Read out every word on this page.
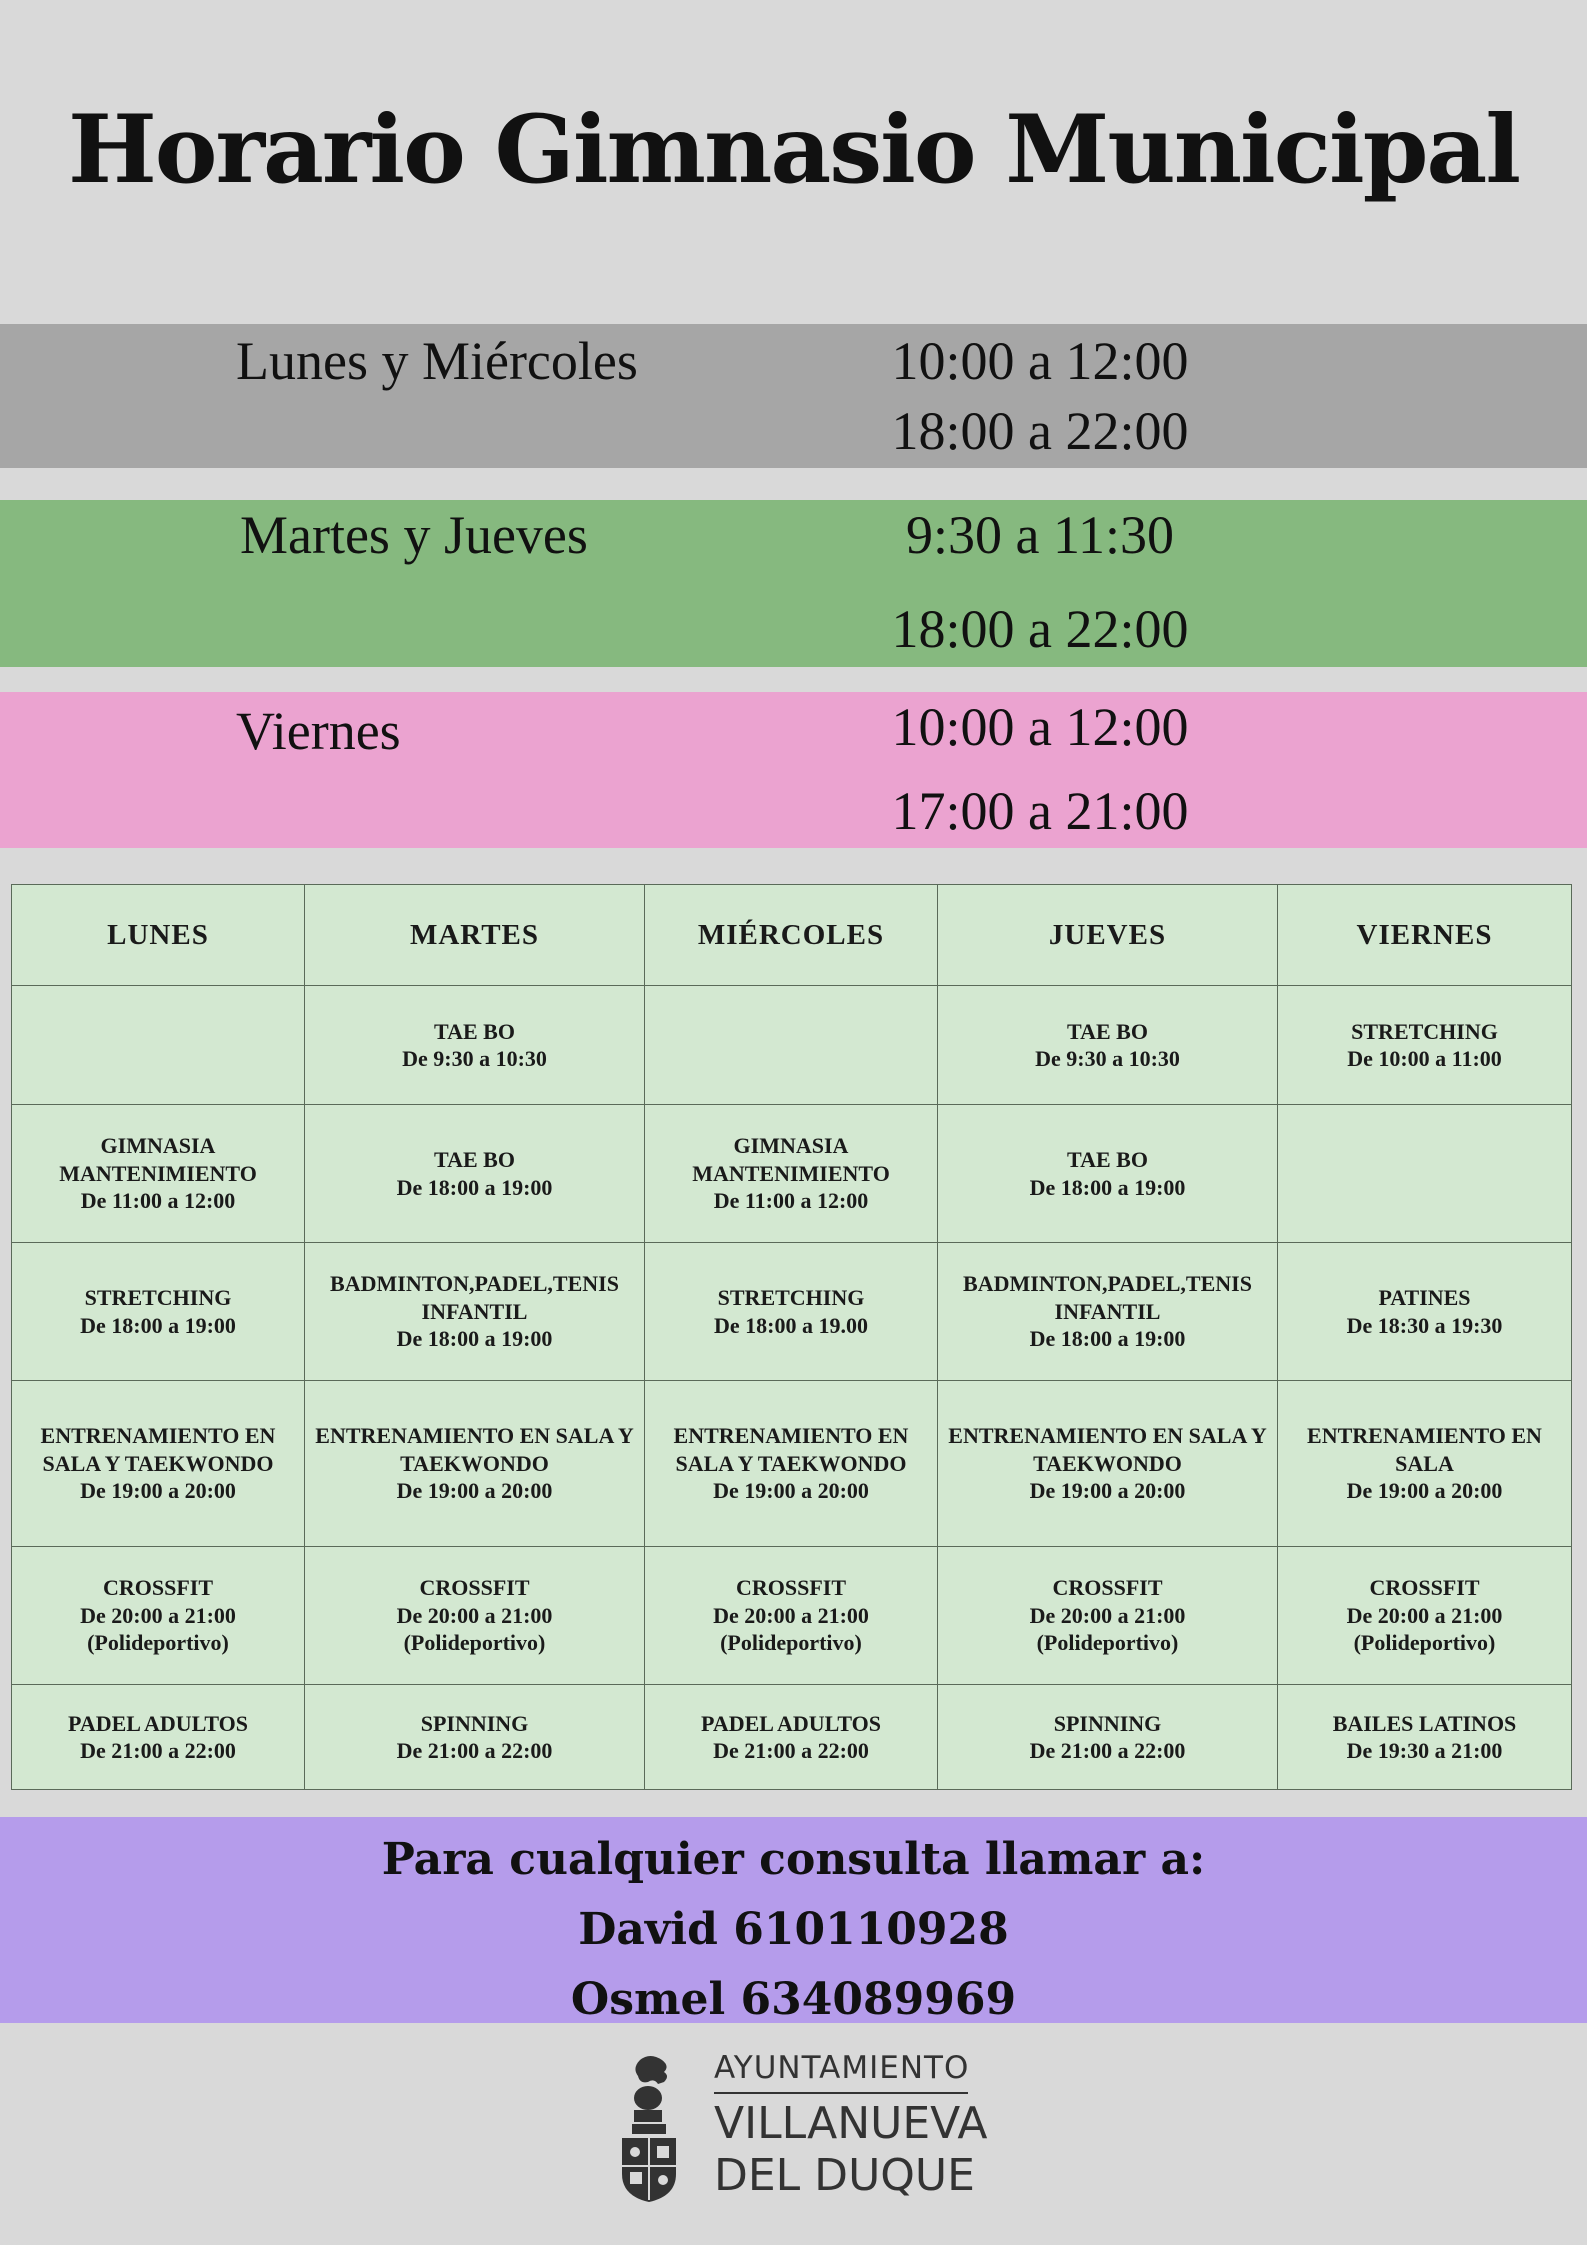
Horario Gimnasio Municipal
Lunes y Miércoles	10:00 a 12:00
18:00 a 22:00
Martes y Jueves	9:30 a 11:30
18:00 a 22:00
Viernes	10:00 a 12:00
17:00 a 21:00
LUNES	MARTES	MIÉRCOLES	JUEVES	VIERNES

	TAE BO
De 9:30 a 10:30		TAE BO
De 9:30 a 10:30	STRETCHING
De 10:00 a 11:00

GIMNASIA MANTENIMIENTO
De 11:00 a 12:00	TAE BO
De 18:00 a 19:00	GIMNASIA MANTENIMIENTO
De 11:00 a 12:00	TAE BO
De 18:00 a 19:00	

STRETCHING
De 18:00 a 19:00	BADMINTON,PADEL,TENIS INFANTIL
De 18:00 a 19:00	STRETCHING
De 18:00 a 19.00	BADMINTON,PADEL,TENIS INFANTIL
De 18:00 a 19:00	PATINES
De 18:30 a 19:30

ENTRENAMIENTO EN SALA Y TAEKWONDO
De 19:00 a 20:00	ENTRENAMIENTO EN SALA Y TAEKWONDO
De 19:00 a 20:00	ENTRENAMIENTO EN SALA Y TAEKWONDO
De 19:00 a 20:00	ENTRENAMIENTO EN SALA Y TAEKWONDO
De 19:00 a 20:00	ENTRENAMIENTO EN SALA
De 19:00 a 20:00

CROSSFIT
De 20:00 a 21:00
(Polideportivo)	CROSSFIT
De 20:00 a 21:00
(Polideportivo)	CROSSFIT
De 20:00 a 21:00
(Polideportivo)	CROSSFIT
De 20:00 a 21:00
(Polideportivo)	CROSSFIT
De 20:00 a 21:00
(Polideportivo)

PADEL ADULTOS
De 21:00 a 22:00	SPINNING
De 21:00 a 22:00	PADEL ADULTOS
De 21:00 a 22:00	SPINNING
De 21:00 a 22:00	BAILES LATINOS
De 19:30 a 21:00
Para cualquier consulta llamar a:
David 610110928
Osmel 634089969
AYUNTAMIENTO
VILLANUEVA
DEL DUQUE
